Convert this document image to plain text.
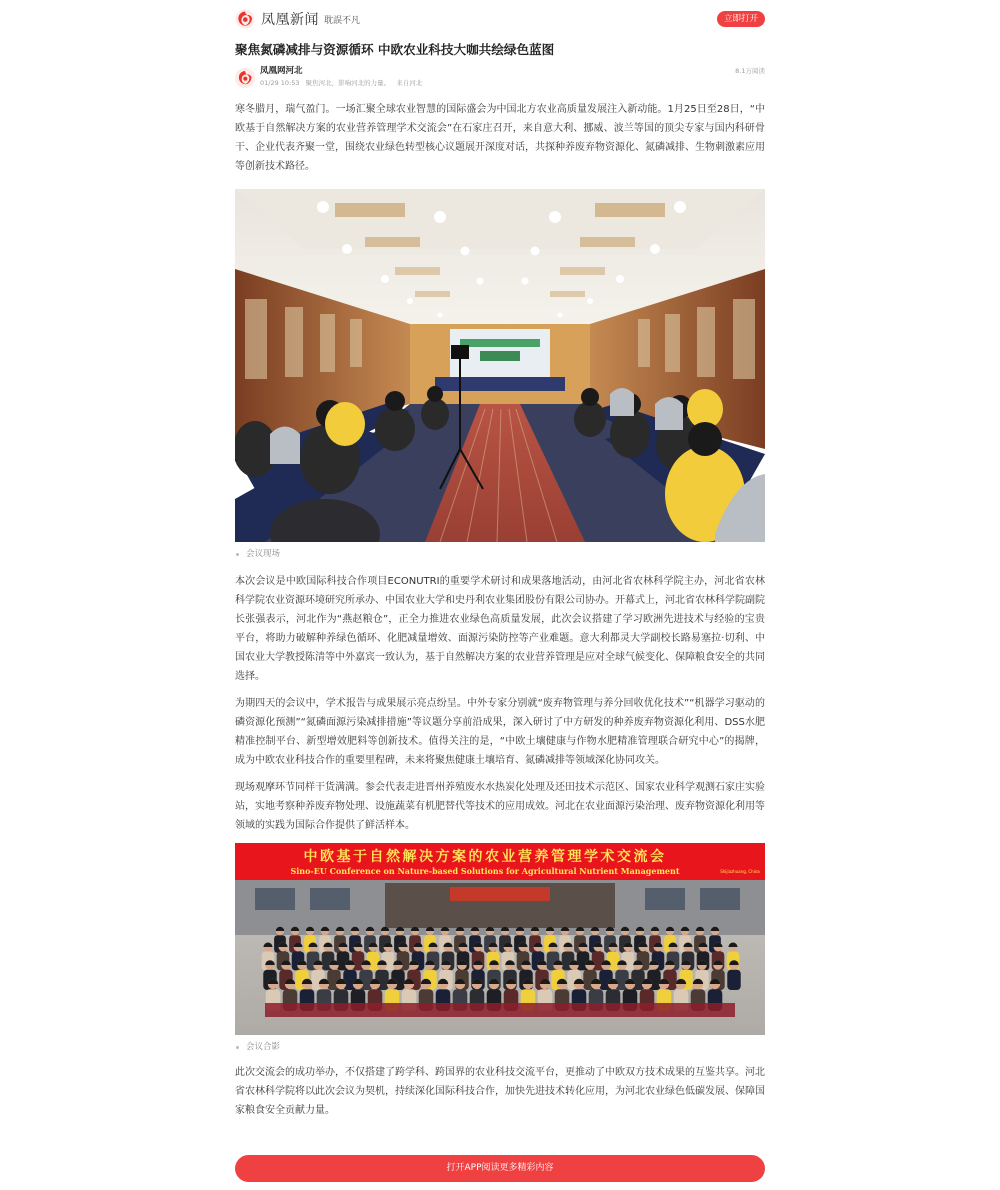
凤凰新闻 耽誤不凡	立即打开
聚焦氮磷减排与资源循环 中欧农业科技大咖共绘绿色蓝图
凤凰网河北
01/29 10:53 聚焦河北，影响河北的力量。 来自河北
8.1万阅读

寒冬腊月，瑞气盈门。一场汇聚全球农业智慧的国际盛会为中国北方农业高质量发展注入新动能。1月25日至28日，“中欧基于自然解决方案的农业营养管理学术交流会”在石家庄召开，来自意大利、挪威、波兰等国的顶尖专家与国内科研骨干、企业代表齐聚一堂，围绕农业绿色转型核心议题展开深度对话，共探种养废弃物资源化、氮磷减排、生物刺激素应用等创新技术路径。

会议现场

本次会议是中欧国际科技合作项目ECONUTRI的重要学术研讨和成果落地活动，由河北省农林科学院主办，河北省农林科学院农业资源环境研究所承办、中国农业大学和史丹利农业集团股份有限公司协办。开幕式上，河北省农林科学院副院长张强表示，河北作为“燕赵粮仓”，正全力推进农业绿色高质量发展，此次会议搭建了学习欧洲先进技术与经验的宝贵平台，将助力破解种养绿色循环、化肥减量增效、面源污染防控等产业难题。意大利都灵大学副校长路易塞拉·切利、中国农业大学教授陈清等中外嘉宾一致认为，基于自然解决方案的农业营养管理是应对全球气候变化、保障粮食安全的共同选择。

为期四天的会议中，学术报告与成果展示亮点纷呈。中外专家分别就“废弃物管理与养分回收优化技术”“机器学习驱动的磷资源化预测”“氮磷面源污染减排措施”等议题分享前沿成果，深入研讨了中方研发的种养废弃物资源化利用、DSS水肥精准控制平台、新型增效肥料等创新技术。值得关注的是，“中欧土壤健康与作物水肥精准管理联合研究中心”的揭牌，成为中欧农业科技合作的重要里程碑，未来将聚焦健康土壤培育、氮磷减排等领域深化协同攻关。

现场观摩环节同样干货满满。参会代表走进晋州养殖废水水热炭化处理及还田技术示范区、国家农业科学观测石家庄实验站，实地考察种养废弃物处理、设施蔬菜有机肥替代等技术的应用成效。河北在农业面源污染治理、废弃物资源化利用等领域的实践为国际合作提供了鲜活样本。

中欧基于自然解决方案的农业营养管理学术交流会
Sino-EU Conference on Nature-based Solutions for Agricultural Nutrient Management	Shijiazhuang, China
会议合影

此次交流会的成功举办，不仅搭建了跨学科、跨国界的农业科技交流平台，更推动了中欧双方技术成果的互鉴共享。河北省农林科学院将以此次会议为契机，持续深化国际科技合作，加快先进技术转化应用，为河北农业绿色低碳发展、保障国家粮食安全贡献力量。

打开APP阅读更多精彩内容
